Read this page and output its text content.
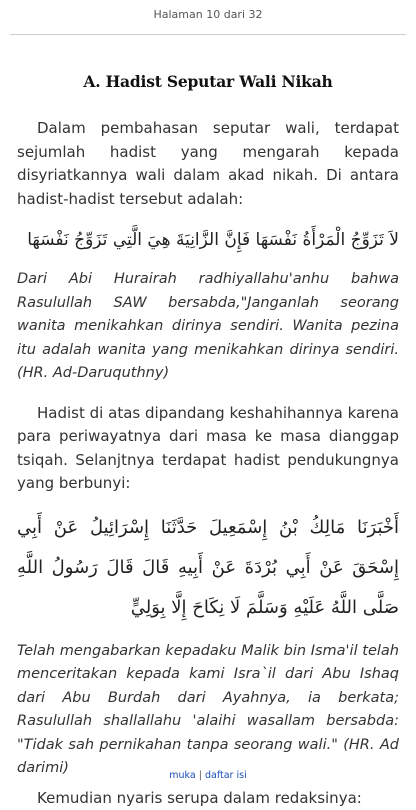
Halaman 10 dari 32
A. Hadist Seputar Wali Nikah

Dalam pembahasan seputar wali, terdapat sejumlah hadist yang mengarah kepada disyriatkannya wali dalam akad nikah. Di antara hadist-hadist tersebut adalah:

لاَ تَزَوِّجُ الْمَرْأَةُ نَفْسَهَا فَإِنَّ الزَّانِيَةَ هِيَ الَّتِي تَزَوِّجُ نَفْسَهَا

Dari Abi Hurairah radhiyallahu'anhu bahwa Rasulullah SAW bersabda,"Janganlah seorang wanita menikahkan dirinya sendiri. Wanita pezina itu adalah wanita yang menikahkan dirinya sendiri. (HR. Ad-Daruquthny)

Hadist di atas dipandang keshahihannya karena para periwayatnya dari masa ke masa dianggap tsiqah. Selanjtnya terdapat hadist pendukungnya yang berbunyi:

أَخْبَرَنَا مَالِكُ بْنُ إِسْمَعِيلَ حَدَّثَنَا إِسْرَائِيلُ عَنْ أَبِي إِسْحَقَ عَنْ أَبِي بُرْدَةَ عَنْ أَبِيهِ قَالَ قَالَ رَسُولُ اللَّهِ صَلَّى اللَّهُ عَلَيْهِ وَسَلَّمَ لَا نِكَاحَ إِلَّا بِوَلِيٍّ

Telah mengabarkan kepadaku Malik bin Isma'il telah menceritakan kepada kami Isra`il dari Abu Ishaq dari Abu Burdah dari Ayahnya, ia berkata; Rasulullah shallallahu 'alaihi wasallam bersabda: "Tidak sah pernikahan tanpa seorang wali." (HR. Ad darimi)

Kemudian nyaris serupa dalam redaksinya:

muka | daftar isi
